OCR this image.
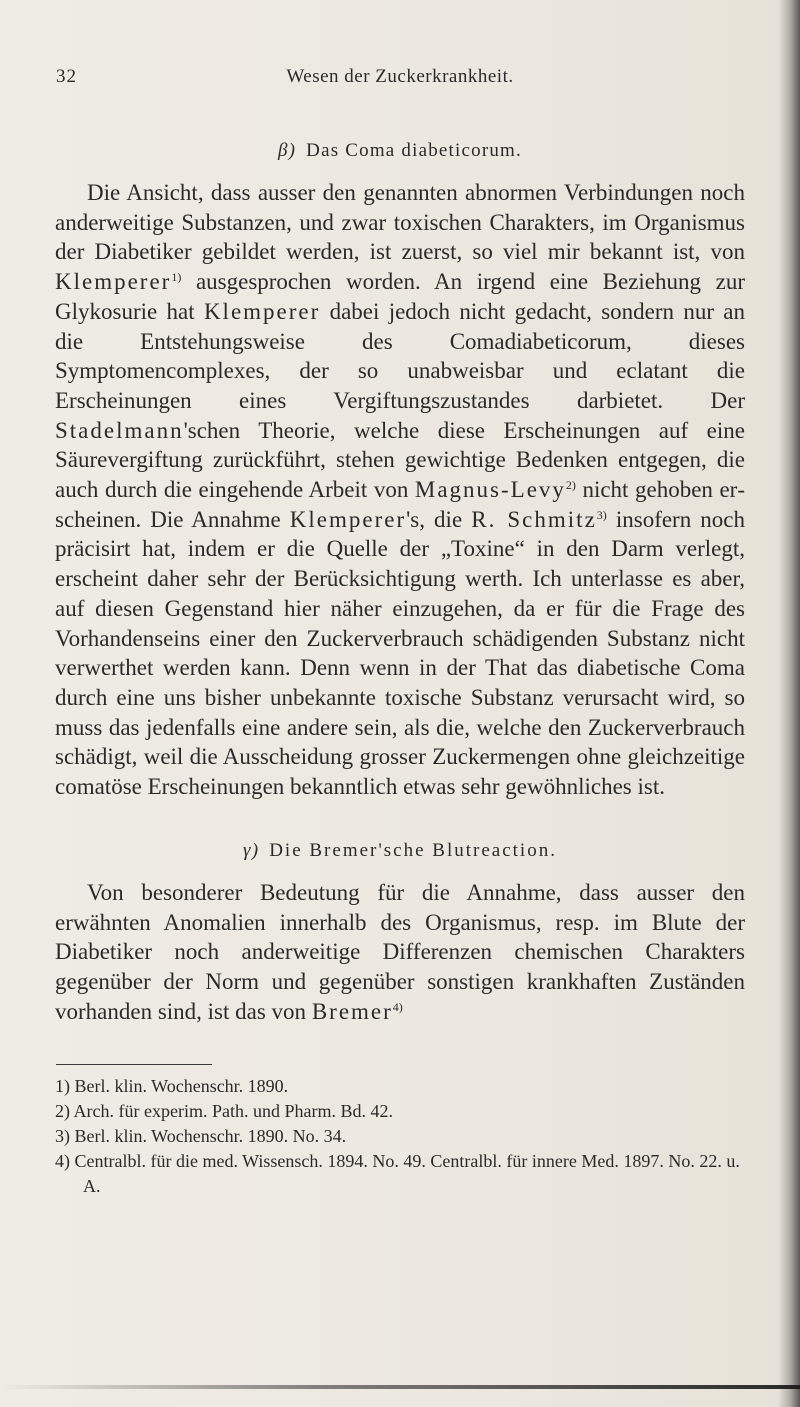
32	Wesen der Zuckerkrankheit.
β) Das Coma diabeticorum.

Die Ansicht, dass ausser den genannten abnormen Verbindungen noch anderweitige Substanzen, und zwar toxischen Charakters, im Organismus der Diabetiker gebildet werden, ist zuerst, so viel mir bekannt ist, von Klemperer$^{1)}$ ausgesprochen worden. An irgend eine Beziehung zur Glykosurie hat Klemperer dabei jedoch nicht gedacht, sondern nur an die Entstehungsweise des Comadiabeticorum, dieses Symptomencomplexes, der so unabweisbar und eclatant die Erscheinungen eines Vergiftungszustandes darbietet. Der Stadelmann'schen Theorie, welche diese Erscheinungen auf eine Säurevergiftung zurückführt, stehen gewichtige Bedenken entgegen, die auch durch die eingehende Arbeit von Magnus-Levy$^{2)}$ nicht gehoben erscheinen. Die Annahme Klemperer's, die R. Schmitz$^{3)}$ insofern noch präcisirt hat, indem er die Quelle der „Toxine“ in den Darm verlegt, erscheint daher sehr der Berücksichtigung werth. Ich unterlasse es aber, auf diesen Gegenstand hier näher einzugehen, da er für die Frage des Vorhandenseins einer den Zuckerverbrauch schädigenden Substanz nicht verwerthet werden kann. Denn wenn in der That das diabetische Coma durch eine uns bisher unbekannte toxische Substanz verursacht wird, so muss das jedenfalls eine andere sein, als die, welche den Zuckerverbrauch schädigt, weil die Ausscheidung grosser Zuckermengen ohne gleichzeitige comatöse Erscheinungen bekanntlich etwas sehr gewöhnliches ist.

γ) Die Bremer'sche Blutreaction.

Von besonderer Bedeutung für die Annahme, dass ausser den erwähnten Anomalien innerhalb des Organismus, resp. im Blute der Diabetiker noch anderweitige Differenzen chemischen Charakters gegenüber der Norm und gegenüber sonstigen krankhaften Zuständen vorhanden sind, ist das von Bremer$^{4)}$

1) Berl. klin. Wochenschr. 1890.

2) Arch. für experim. Path. und Pharm. Bd. 42.

3) Berl. klin. Wochenschr. 1890. No. 34.

4) Centralbl. für die med. Wissensch. 1894. No. 49. Centralbl. für innere Med. 1897. No. 22. u. A.
